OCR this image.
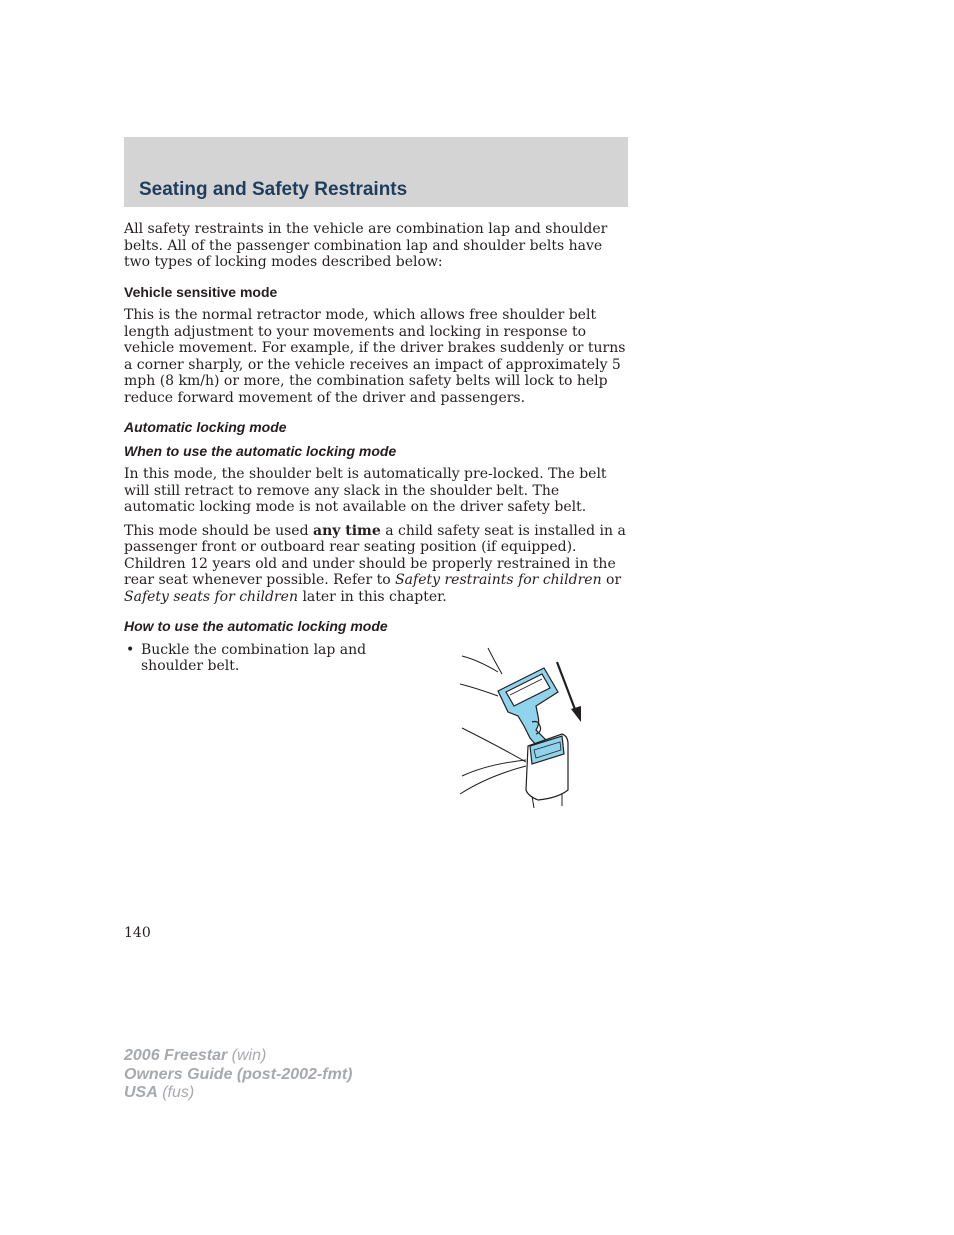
Seating and Safety Restraints

All safety restraints in the vehicle are combination lap and shoulder belts. All of the passenger combination lap and shoulder belts have two types of locking modes described below:

Vehicle sensitive mode

This is the normal retractor mode, which allows free shoulder belt length adjustment to your movements and locking in response to vehicle movement. For example, if the driver brakes suddenly or turns a corner sharply, or the vehicle receives an impact of approximately 5 mph (8 km/h) or more, the combination safety belts will lock to help reduce forward movement of the driver and passengers.

Automatic locking mode
When to use the automatic locking mode

In this mode, the shoulder belt is automatically pre-locked. The belt will still retract to remove any slack in the shoulder belt. The automatic locking mode is not available on the driver safety belt.

This mode should be used any time a child safety seat is installed in a passenger front or outboard rear seating position (if equipped). Children 12 years old and under should be properly restrained in the rear seat whenever possible. Refer to Safety restraints for children or Safety seats for children later in this chapter.

How to use the automatic locking mode
• Buckle the combination lap and shoulder belt.
140
2006 Freestar (win)
Owners Guide (post-2002-fmt)
USA (fus)
